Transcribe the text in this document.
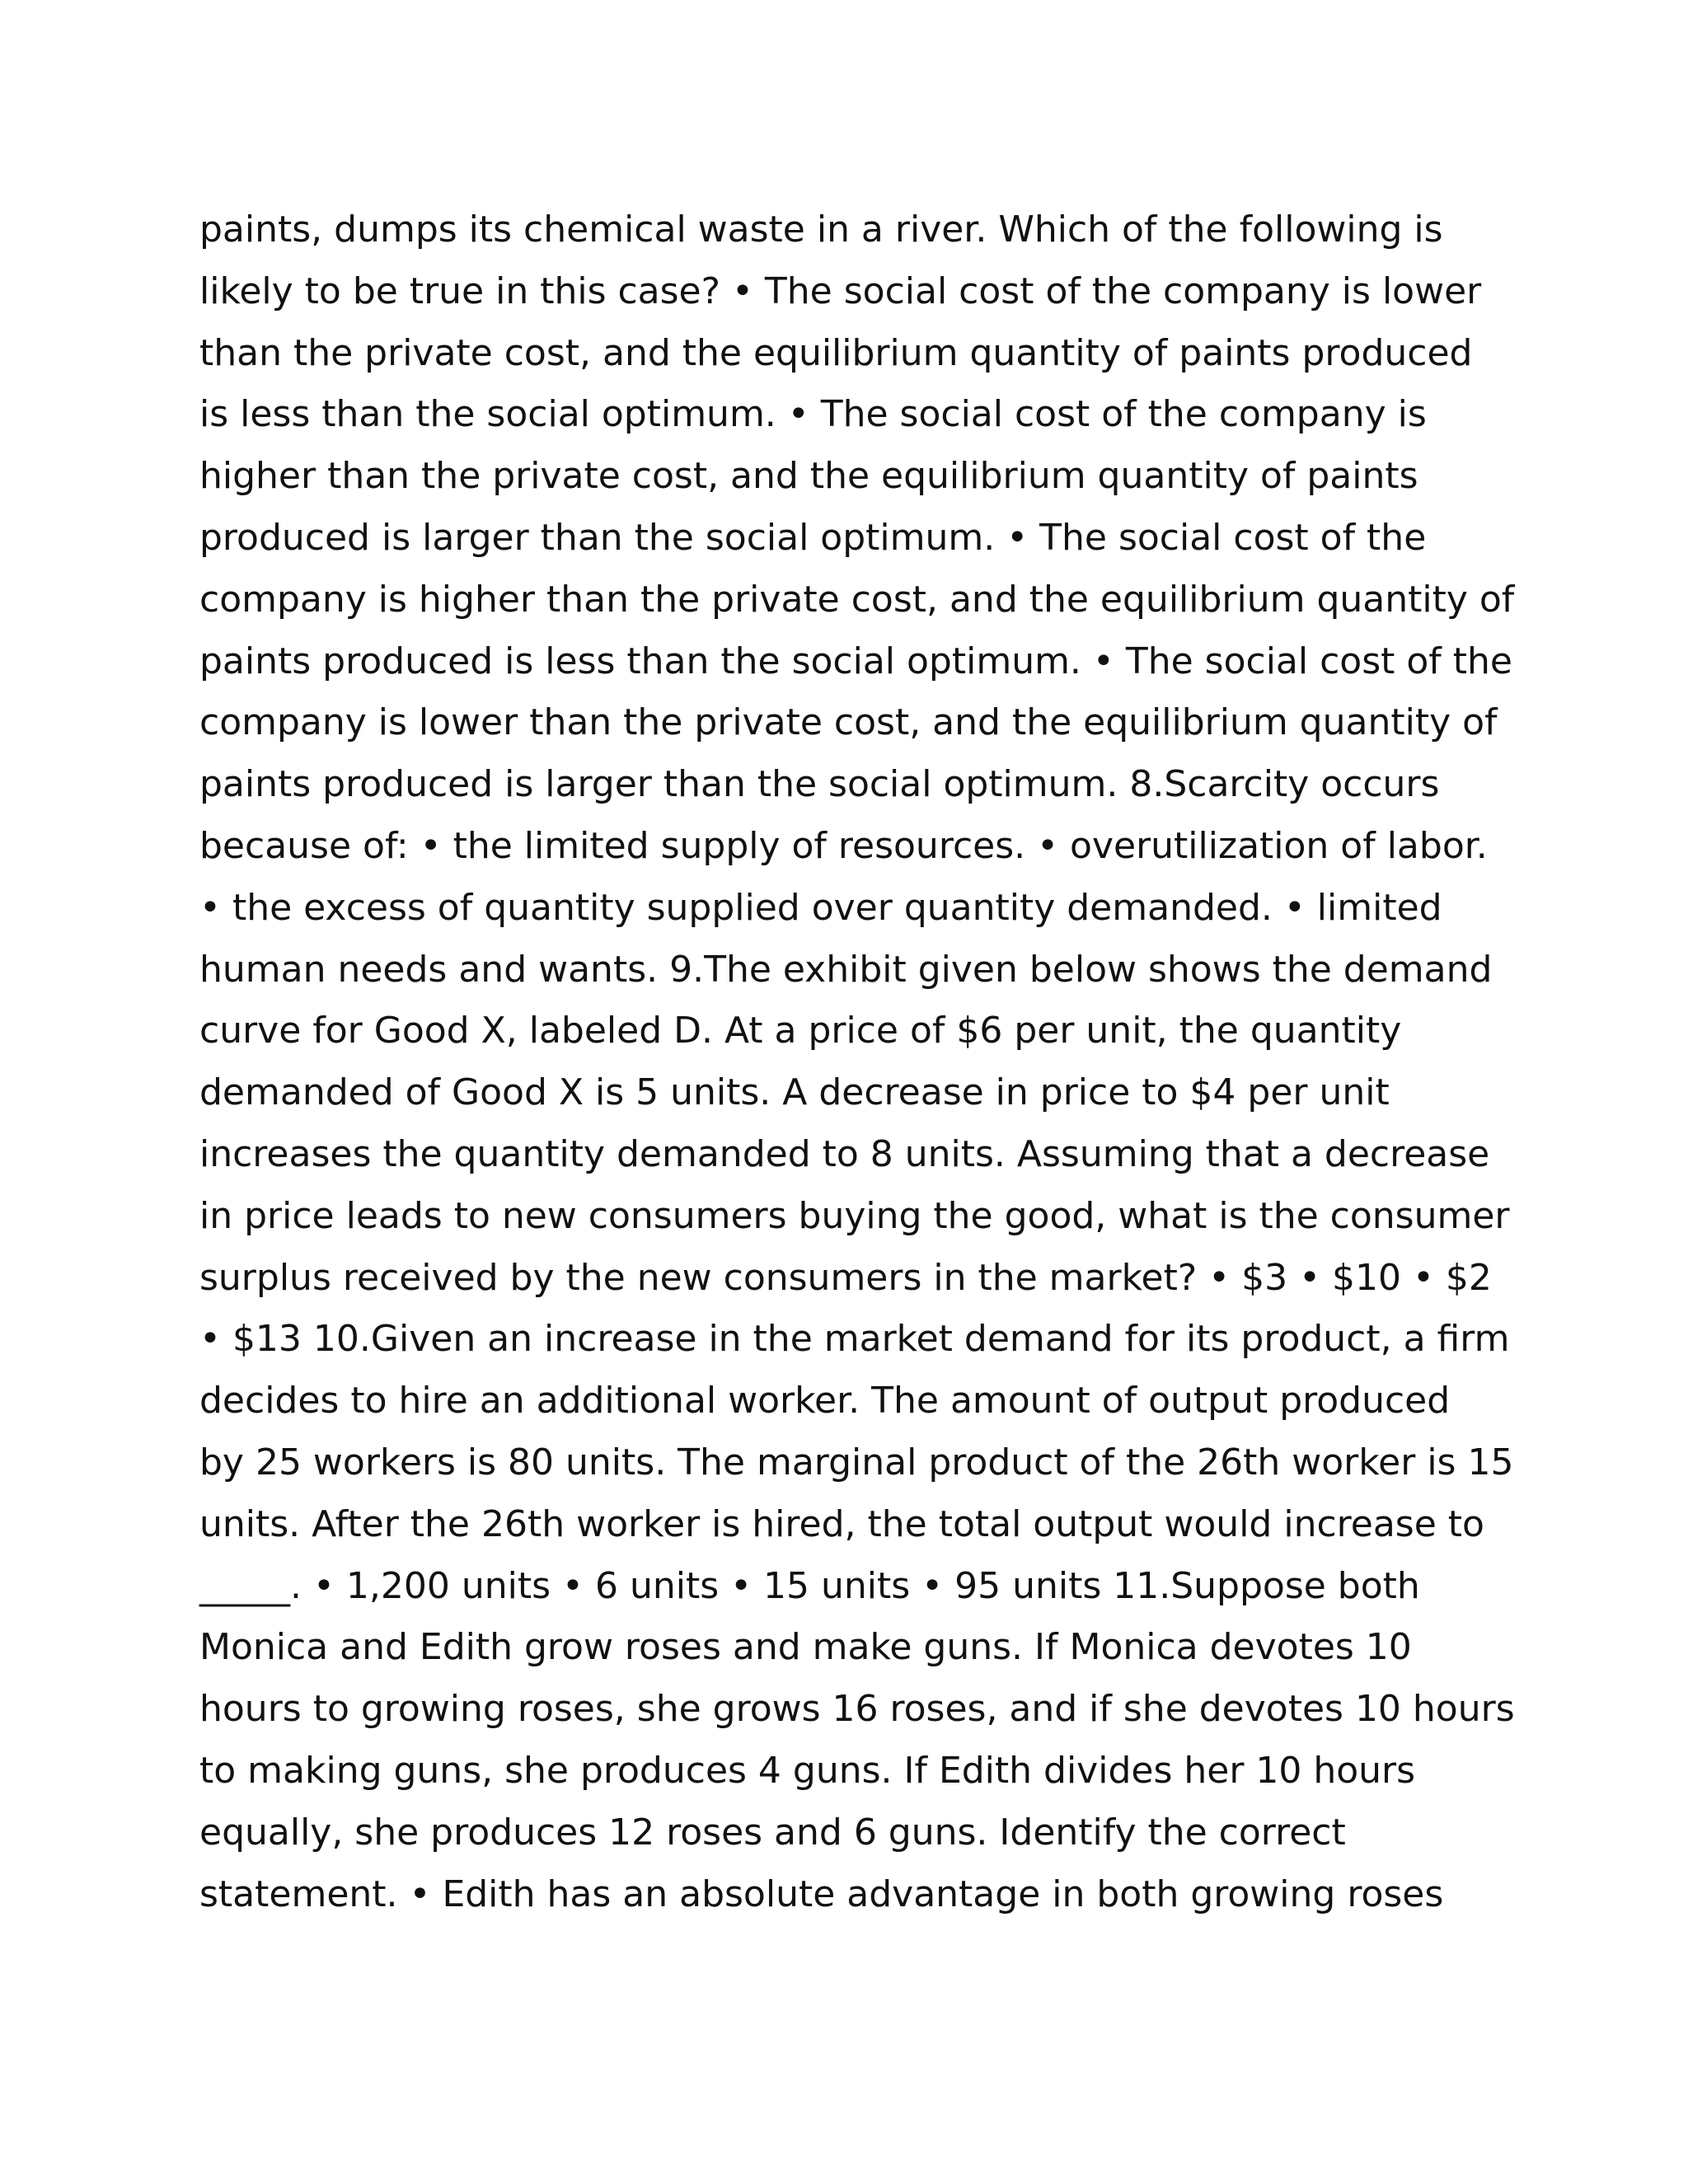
paints, dumps its chemical waste in a river. Which of the following is
likely to be true in this case? • The social cost of the company is lower
than the private cost, and the equilibrium quantity of paints produced
is less than the social optimum. • The social cost of the company is
higher than the private cost, and the equilibrium quantity of paints
produced is larger than the social optimum. • The social cost of the
company is higher than the private cost, and the equilibrium quantity of
paints produced is less than the social optimum. • The social cost of the
company is lower than the private cost, and the equilibrium quantity of
paints produced is larger than the social optimum. 8.Scarcity occurs
because of: • the limited supply of resources. • overutilization of labor.
• the excess of quantity supplied over quantity demanded. • limited
human needs and wants. 9.The exhibit given below shows the demand
curve for Good X, labeled D. At a price of $6 per unit, the quantity
demanded of Good X is 5 units. A decrease in price to $4 per unit
increases the quantity demanded to 8 units. Assuming that a decrease
in price leads to new consumers buying the good, what is the consumer
surplus received by the new consumers in the market? • $3 • $10 • $2
• $13 10.Given an increase in the market demand for its product, a firm
decides to hire an additional worker. The amount of output produced
by 25 workers is 80 units. The marginal product of the 26th worker is 15
units. After the 26th worker is hired, the total output would increase to
_____. • 1,200 units • 6 units • 15 units • 95 units 11.Suppose both
Monica and Edith grow roses and make guns. If Monica devotes 10
hours to growing roses, she grows 16 roses, and if she devotes 10 hours
to making guns, she produces 4 guns. If Edith divides her 10 hours
equally, she produces 12 roses and 6 guns. Identify the correct
statement. • Edith has an absolute advantage in both growing roses
